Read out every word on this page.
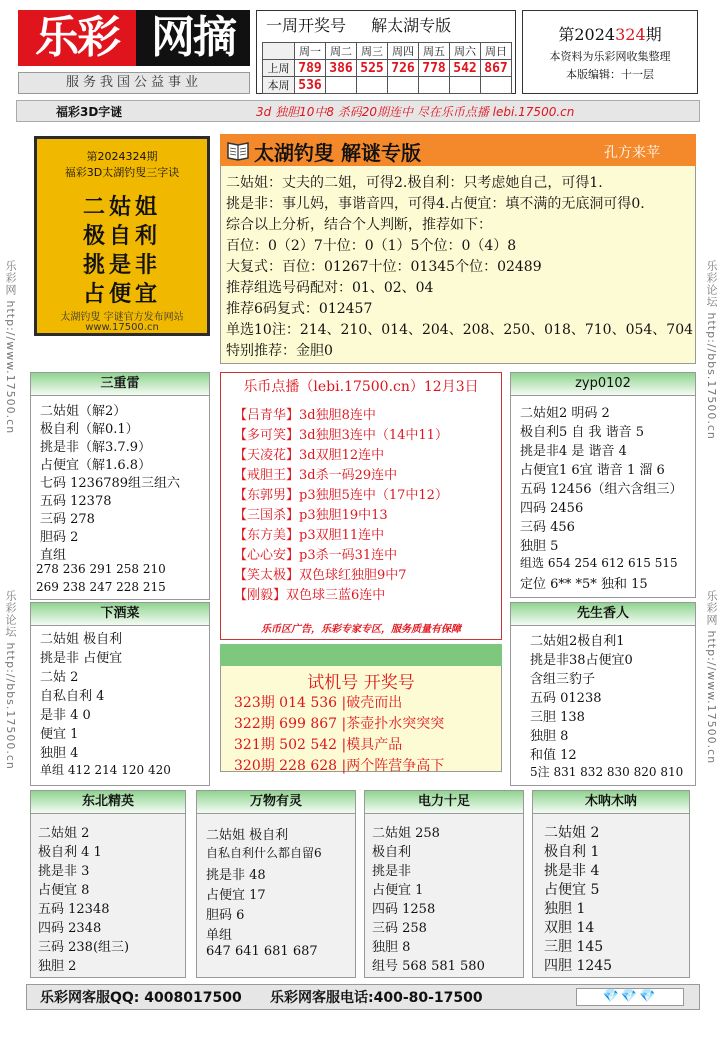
乐彩 网摘
服务我国公益事业
一周开奖号 解太湖专版
	周一	周二	周三	周四	周五	周六	周日
上周	789	386	525	726	778	542	867
本周	536						
第2024324期
本资料为乐彩网收集整理
本版编辑：十一层
福彩3D字谜	3d 独胆10中8 杀码20期连中 尽在乐币点播 lebi.17500.cn
乐彩网 http://www.17500.cn
乐彩论坛 http://bbs.17500.cn
乐彩论坛 http://bbs.17500.cn
乐彩网 http://www.17500.cn
第2024324期
福彩3D太湖钓叟三字诀
二姑姐
极自利
挑是非
占便宜
太湖钓叟 字谜官方发布网站
www.17500.cn
太湖钓叟 解谜专版	孔方来苹
二姑姐：丈夫的二姐，可得2.极自利：只考虑她自己，可得1.
挑是非：事儿妈，事谐音四，可得4.占便宜：填不满的无底洞可得0.
综合以上分析，结合个人判断，推荐如下：
百位：0（2）7十位：0（1）5个位：0（4）8
大复式：百位：01267十位：01345个位：02489
推荐组选号码配对：01、02、04
推荐6码复式：012457
单选10注：214、210、014、204、208、250、018、710、054、704
特别推荐：金胆0
三重雷
二姑姐（解2）
极自利（解0.1）
挑是非（解3.7.9）
占便宜（解1.6.8）
七码 1236789组三组六
五码 12378
三码 278
胆码 2
直组
278 236 291 258 210
269 238 247 228 215
下酒菜
二姑姐 极自利
挑是非 占便宜
二姑 2
自私自利 4
是非 4 0
便宜 1
独胆 4
单组 412 214 120 420
乐币点播（lebi.17500.cn）12月3日
【吕青华】3d独胆8连中
【多可笑】3d独胆3连中（14中11）
【天凌花】3d双胆12连中
【戒胆王】3d杀一码29连中
【东郭男】p3独胆5连中（17中12）
【三国杀】p3独胆19中13
【东方美】p3双胆11连中
【心心安】p3杀一码31连中
【笑太极】双色球红独胆9中7
【刚毅】双色球三蓝6连中
乐币区广告，乐彩专家专区，服务质量有保障
试机号 开奖号
323期 014 536 |破壳而出
322期 699 867 |茶壶扑水突突突
321期 502 542 |模具产品
320期 228 628 |两个阵营争高下
zyp0102
二姑姐2 明码 2
极自利5 自 我 谐音 5
挑是非4 是 谐音 4
占便宜1 6宜 谐音 1 溜 6
五码 12456（组六含组三）
四码 2456
三码 456
独胆 5
组选 654 254 612 615 515
定位 6** *5* 独和 15
先生香人
二姑姐2极自利1
挑是非38占便宜0
含组三豹子
五码 01238
三胆 138
独胆 8
和值 12
5注 831 832 830 820 810
东北精英
二姑姐 2
极自利 4 1
挑是非 3
占便宜 8
五码 12348
四码 2348
三码 238(组三)
独胆 2
万物有灵
二姑姐 极自利
自私自利什么都自留6
挑是非 48
占便宜 17
胆码 6
单组
647 641 681 687
电力十足
二姑姐 258
极自利
挑是非
占便宜 1
四码 1258
三码 258
独胆 8
组号 568 581 580
木呐木呐
二姑姐 2
极自利 1
挑是非 4
占便宜 5
独胆 1
双胆 14
三胆 145
四胆 1245
乐彩网客服QQ: 4008017500 乐彩网客服电话:400-80-17500	💎💎💎
